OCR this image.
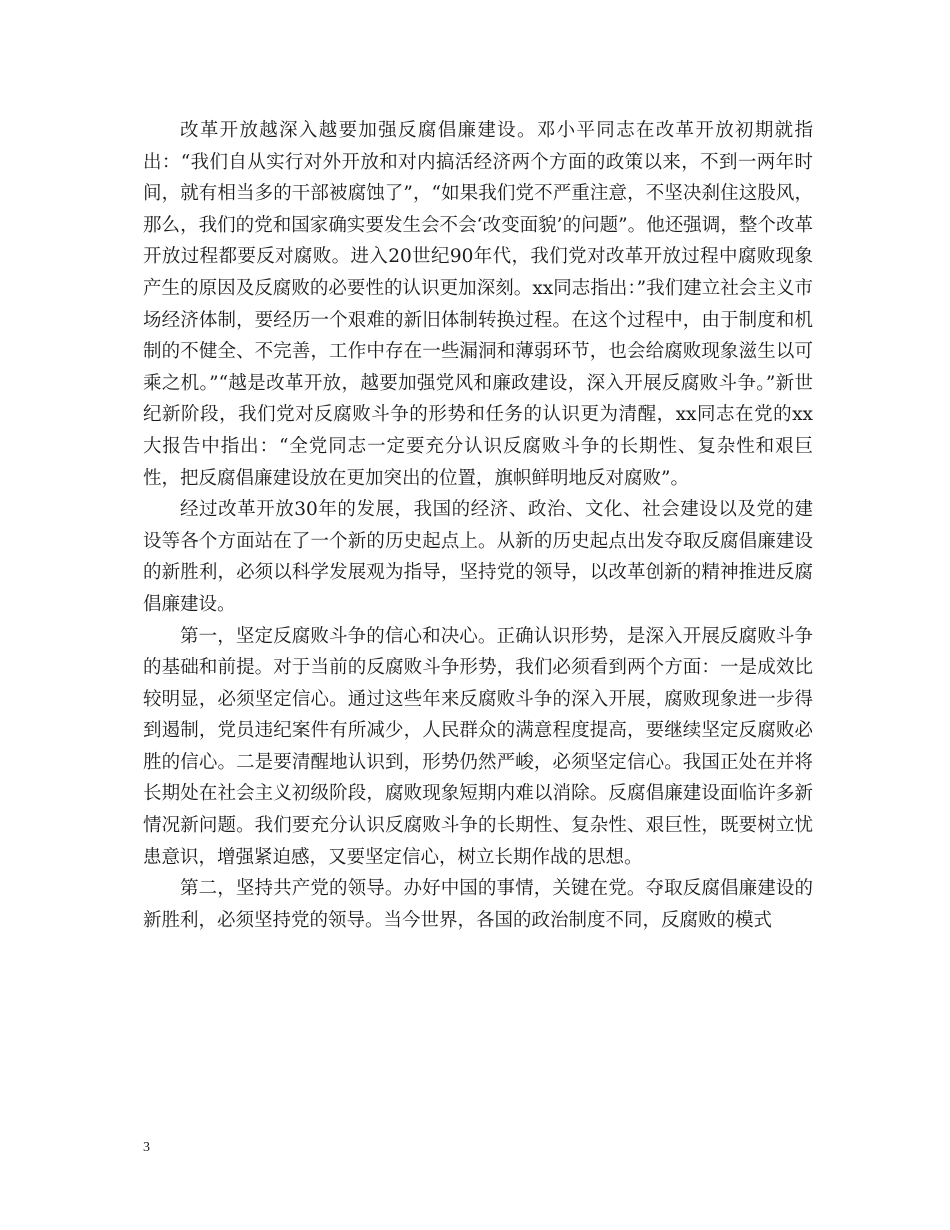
改革开放越深入越要加强反腐倡廉建设。邓小平同志在改革开放初期就指出：“我们自从实行对外开放和对内搞活经济两个方面的政策以来，不到一两年时间，就有相当多的干部被腐蚀了”，“如果我们党不严重注意，不坚决刹住这股风，那么，我们的党和国家确实要发生会不会‘改变面貌’的问题”。他还强调，整个改革开放过程都要反对腐败。进入20世纪90年代，我们党对改革开放过程中腐败现象产生的原因及反腐败的必要性的认识更加深刻。xx同志指出：”我们建立社会主义市场经济体制，要经历一个艰难的新旧体制转换过程。在这个过程中，由于制度和机制的不健全、不完善，工作中存在一些漏洞和薄弱环节，也会给腐败现象滋生以可乘之机。”“越是改革开放，越要加强党风和廉政建设，深入开展反腐败斗争。”新世纪新阶段，我们党对反腐败斗争的形势和任务的认识更为清醒，xx同志在党的xx大报告中指出：“全党同志一定要充分认识反腐败斗争的长期性、复杂性和艰巨性，把反腐倡廉建设放在更加突出的位置，旗帜鲜明地反对腐败”。

经过改革开放30年的发展，我国的经济、政治、文化、社会建设以及党的建设等各个方面站在了一个新的历史起点上。从新的历史起点出发夺取反腐倡廉建设的新胜利，必须以科学发展观为指导，坚持党的领导，以改革创新的精神推进反腐倡廉建设。

第一，坚定反腐败斗争的信心和决心。正确认识形势，是深入开展反腐败斗争的基础和前提。对于当前的反腐败斗争形势，我们必须看到两个方面：一是成效比较明显，必须坚定信心。通过这些年来反腐败斗争的深入开展，腐败现象进一步得到遏制，党员违纪案件有所减少，人民群众的满意程度提高，要继续坚定反腐败必胜的信心。二是要清醒地认识到，形势仍然严峻，必须坚定信心。我国正处在并将长期处在社会主义初级阶段，腐败现象短期内难以消除。反腐倡廉建设面临许多新情况新问题。我们要充分认识反腐败斗争的长期性、复杂性、艰巨性，既要树立忧患意识，增强紧迫感，又要坚定信心，树立长期作战的思想。

第二，坚持共产党的领导。办好中国的事情，关键在党。夺取反腐倡廉建设的新胜利，必须坚持党的领导。当今世界，各国的政治制度不同，反腐败的模式

3
